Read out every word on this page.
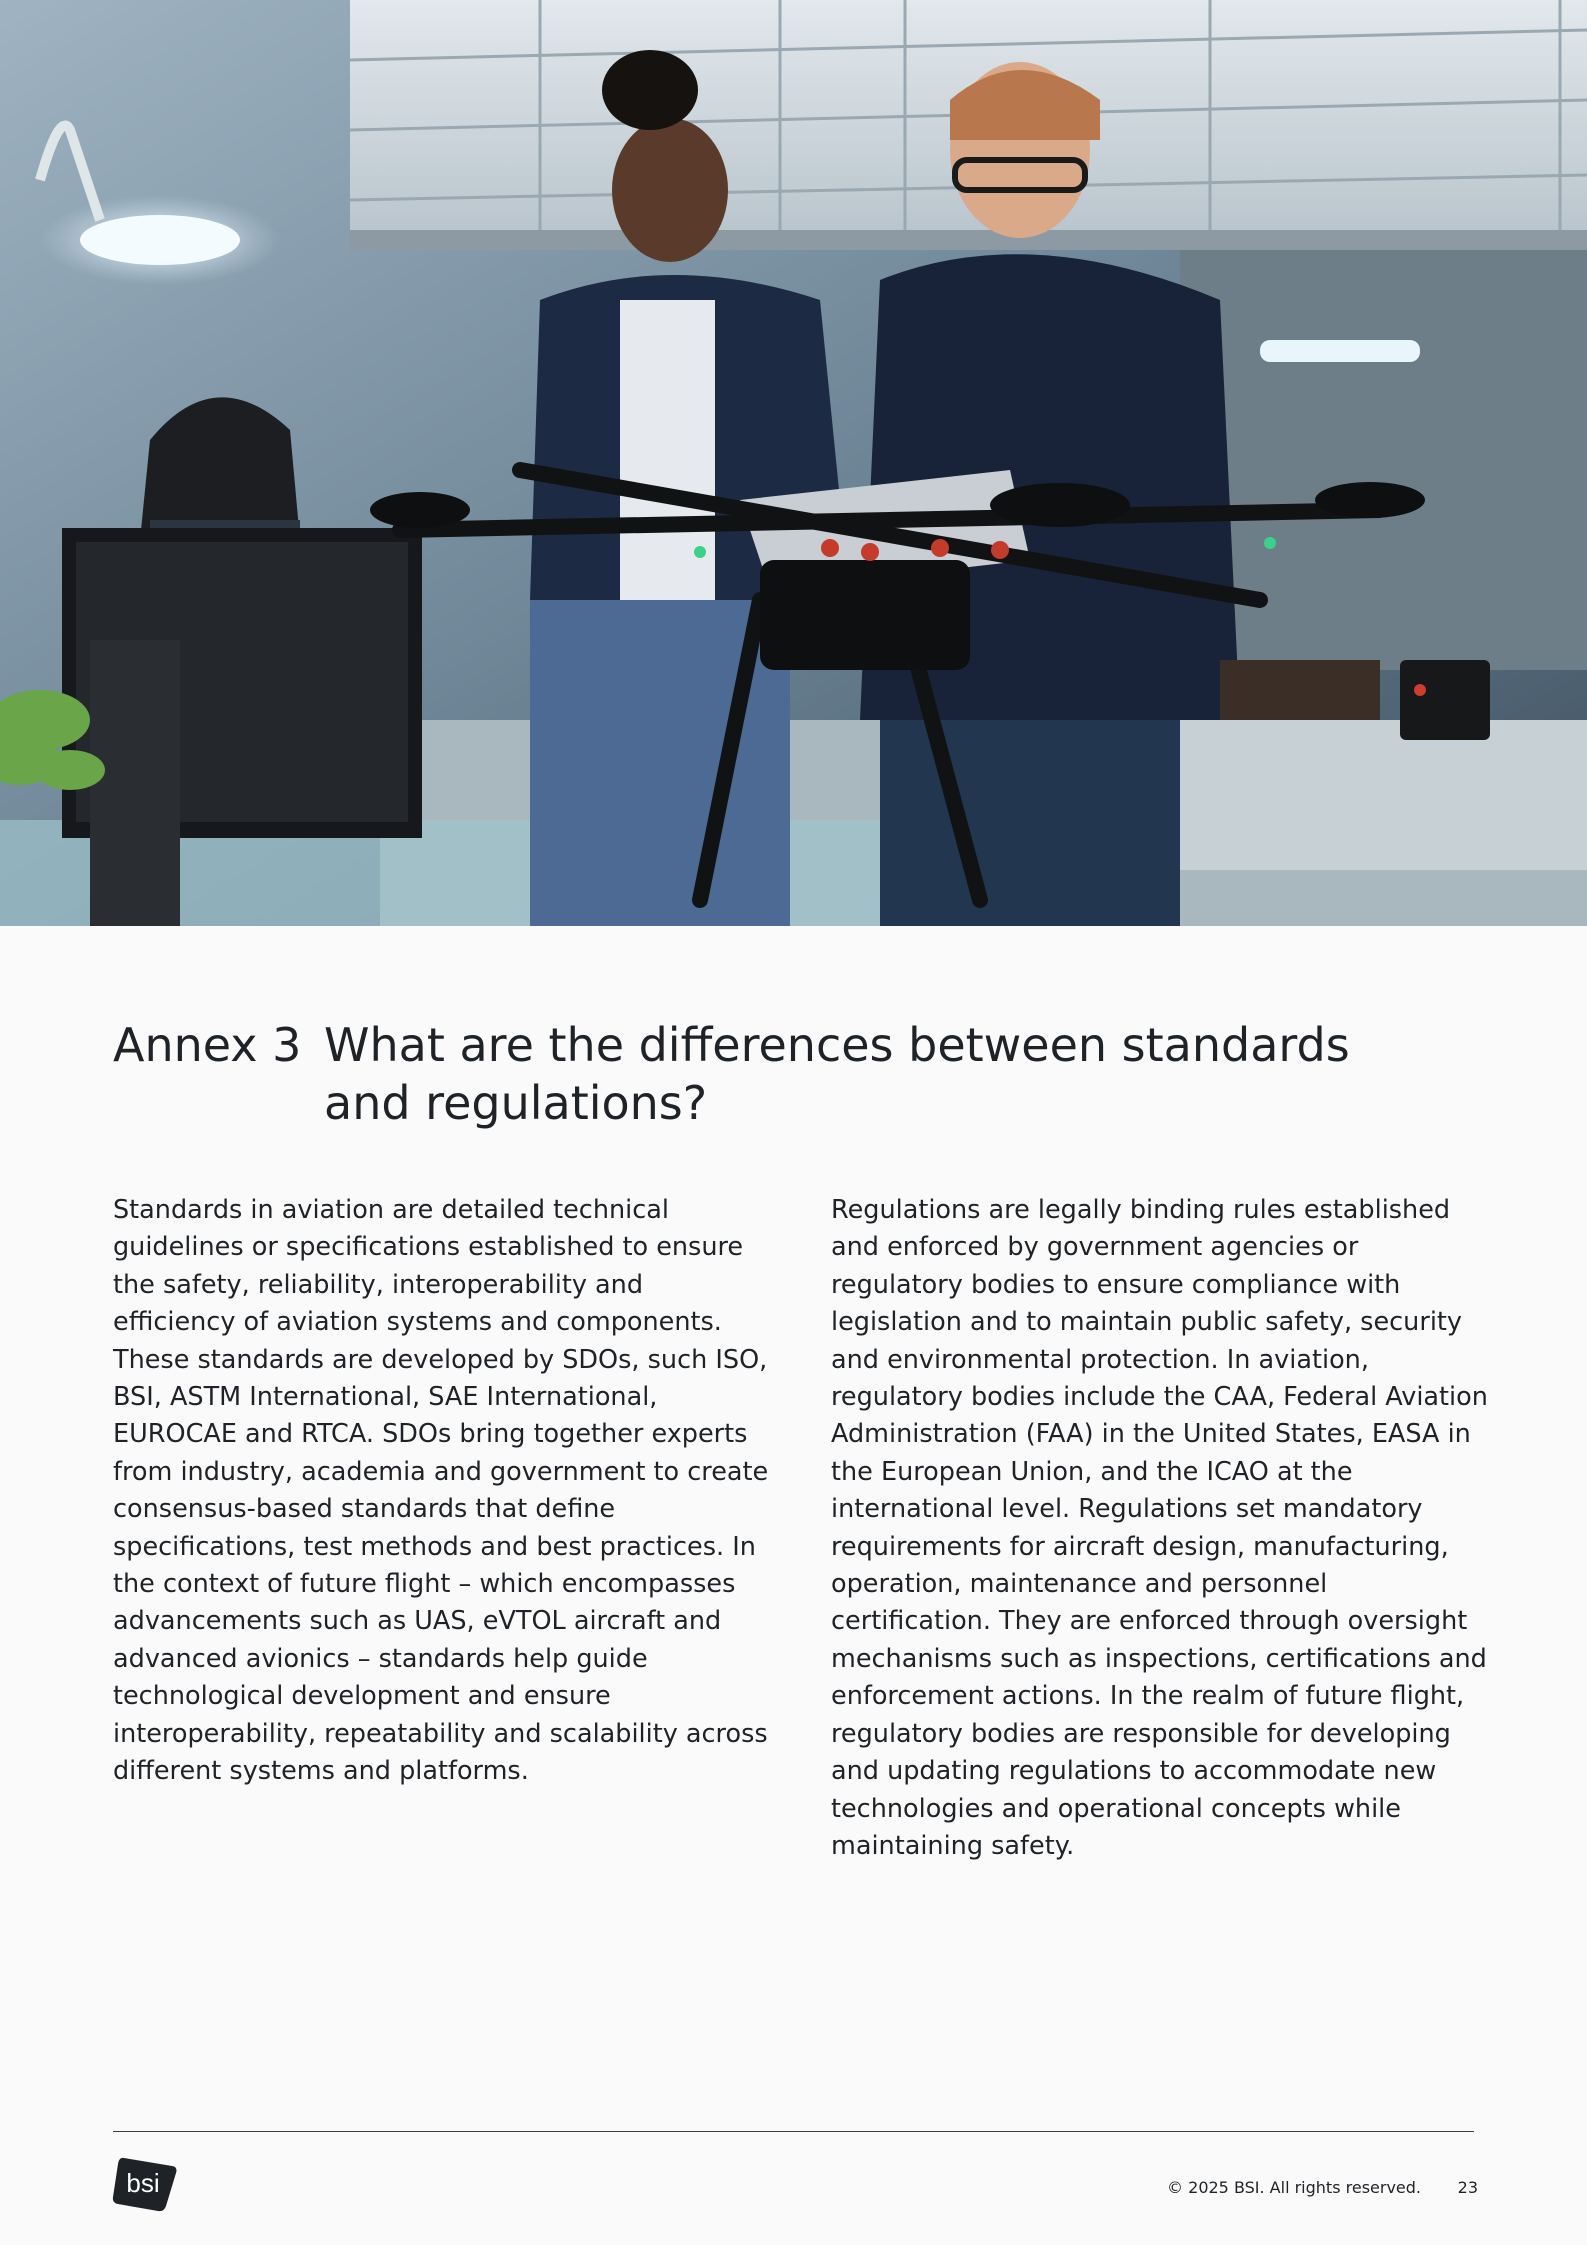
Annex 3 What are the differences between standards and regulations?
Standards in aviation are detailed technical guidelines or specifications established to ensure the safety, reliability, interoperability and efficiency of aviation systems and components. These standards are developed by SDOs, such ISO, BSI, ASTM International, SAE International, EUROCAE and RTCA. SDOs bring together experts from industry, academia and government to create consensus-based standards that define specifications, test methods and best practices. In the context of future flight – which encompasses advancements such as UAS, eVTOL aircraft and advanced avionics – standards help guide technological development and ensure interoperability, repeatability and scalability across different systems and platforms.
Regulations are legally binding rules established and enforced by government agencies or regulatory bodies to ensure compliance with legislation and to maintain public safety, security and environmental protection. In aviation, regulatory bodies include the CAA, Federal Aviation Administration (FAA) in the United States, EASA in the European Union, and the ICAO at the international level. Regulations set mandatory requirements for aircraft design, manufacturing, operation, maintenance and personnel certification. They are enforced through oversight mechanisms such as inspections, certifications and enforcement actions. In the realm of future flight, regulatory bodies are responsible for developing and updating regulations to accommodate new technologies and operational concepts while maintaining safety.
bsi	© 2025 BSI. All rights reserved. 23
